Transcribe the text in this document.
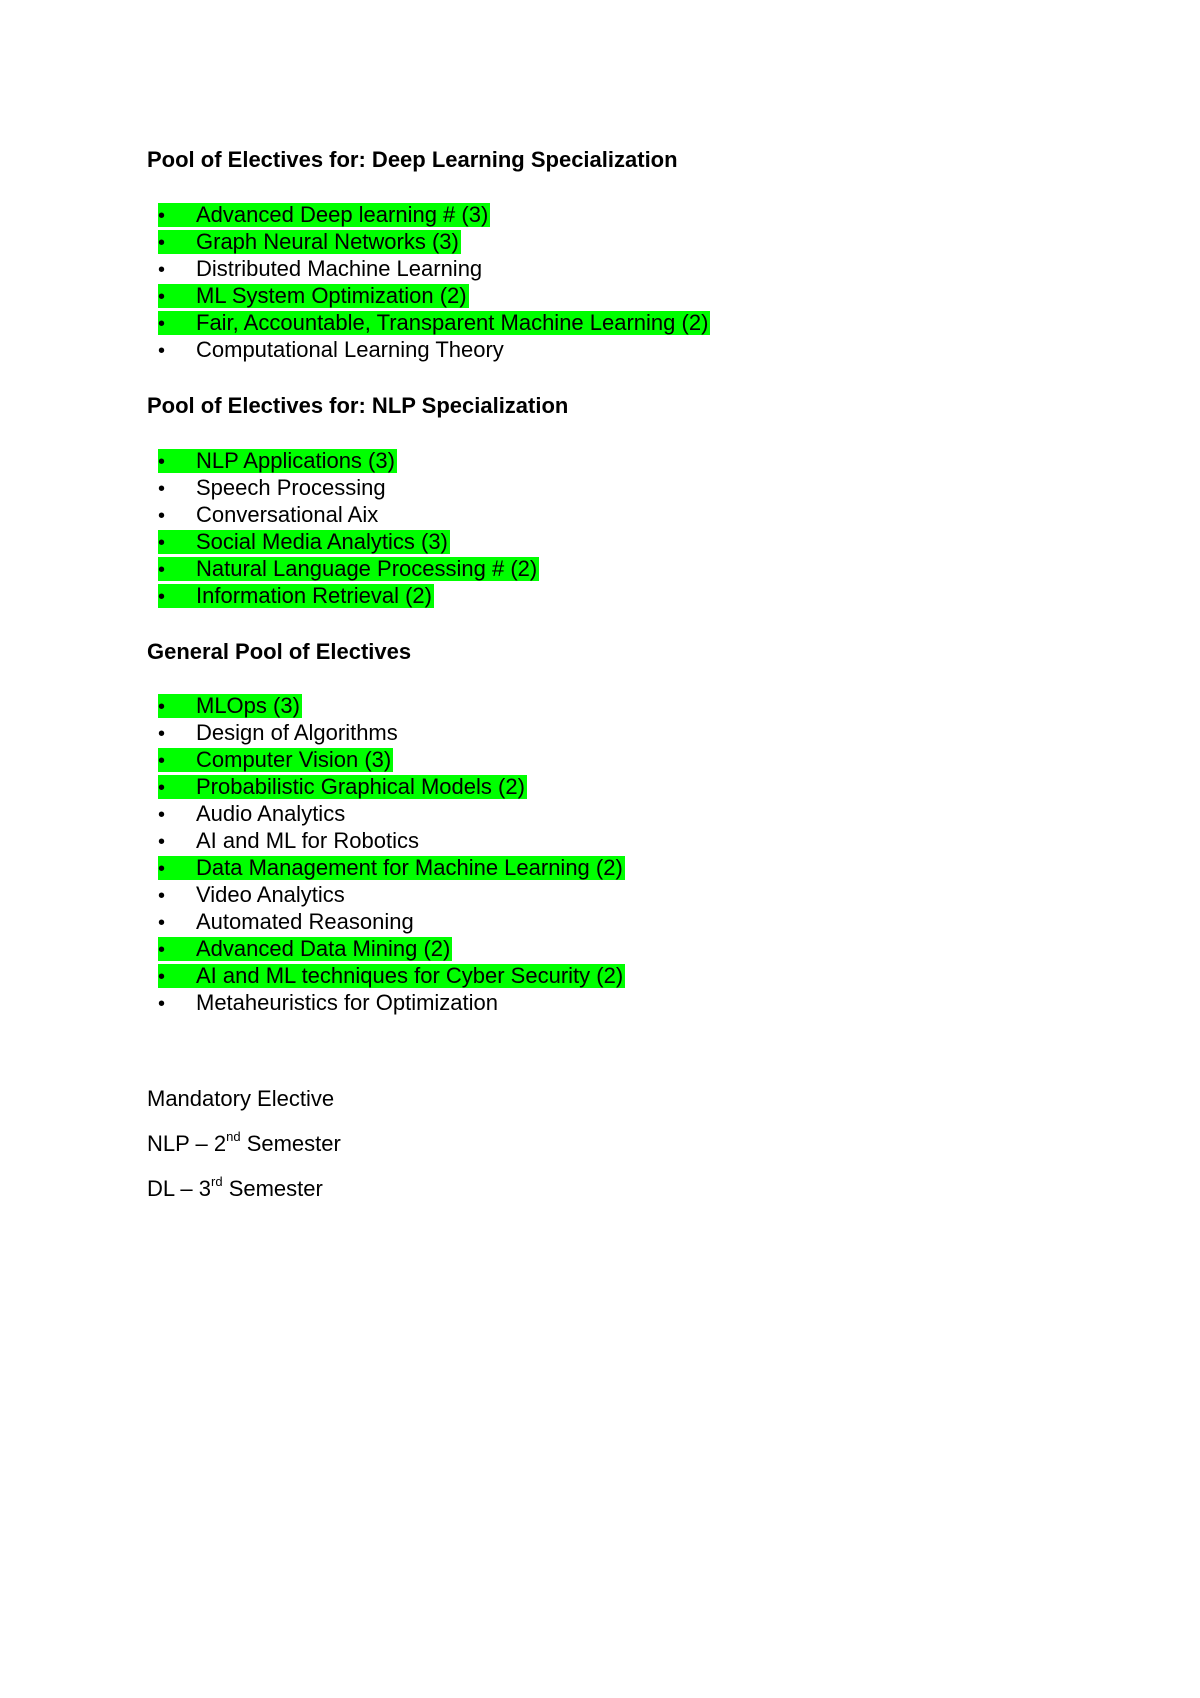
Pool of Electives for: Deep Learning Specialization
• Advanced Deep learning # (3)
• Graph Neural Networks (3)
• Distributed Machine Learning
• ML System Optimization (2)
• Fair, Accountable, Transparent Machine Learning (2)
• Computational Learning Theory
Pool of Electives for: NLP Specialization
• NLP Applications (3)
• Speech Processing
• Conversational Aix
• Social Media Analytics (3)
• Natural Language Processing # (2)
• Information Retrieval (2)
General Pool of Electives
• MLOps (3)
• Design of Algorithms
• Computer Vision (3)
• Probabilistic Graphical Models (2)
• Audio Analytics
• AI and ML for Robotics
• Data Management for Machine Learning (2)
• Video Analytics
• Automated Reasoning
• Advanced Data Mining (2)
• AI and ML techniques for Cyber Security (2)
• Metaheuristics for Optimization

Mandatory Elective

NLP – 2nd Semester

DL – 3rd Semester
